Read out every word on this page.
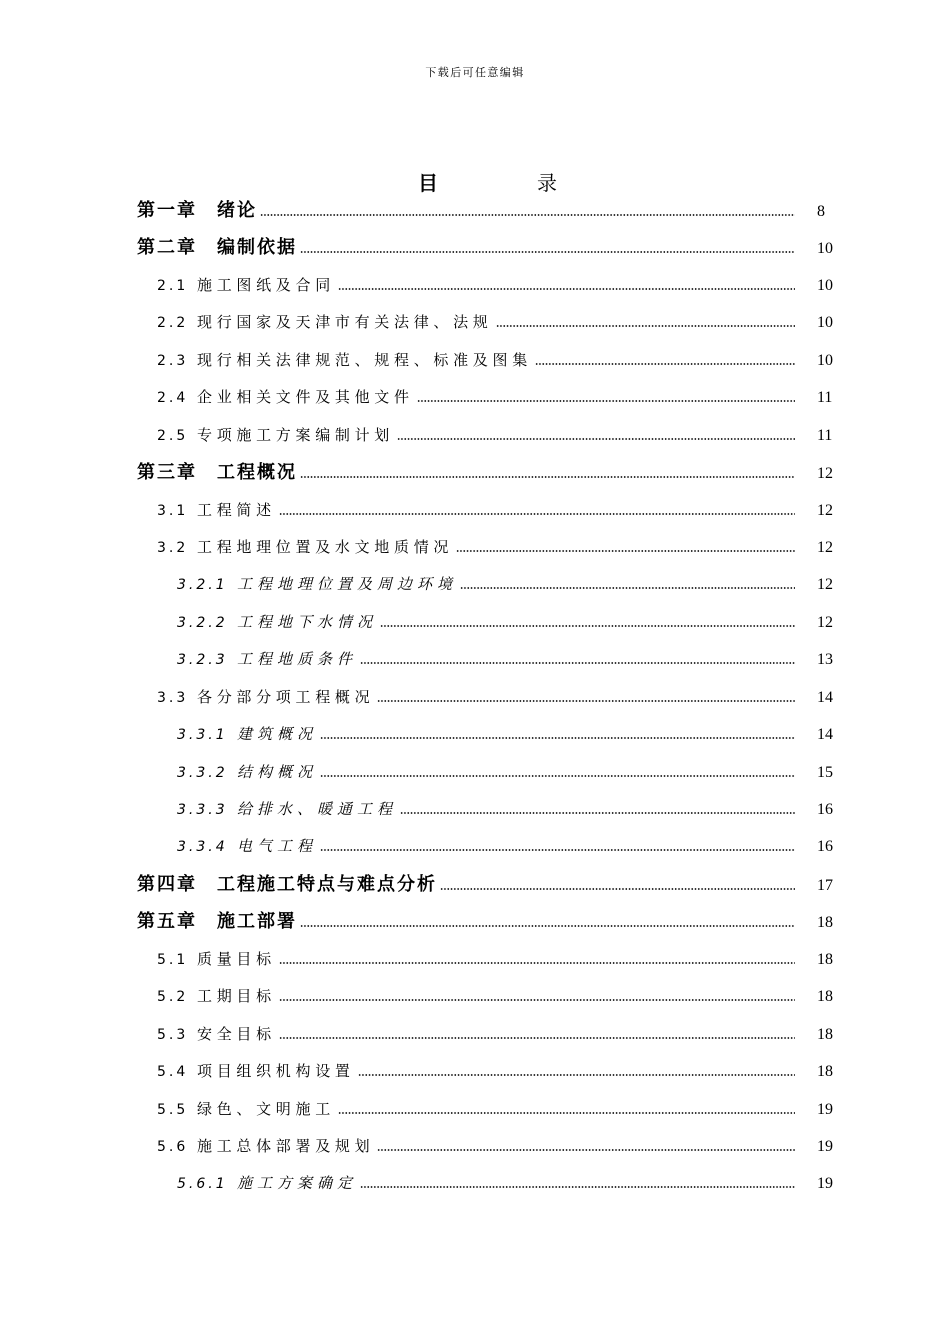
下载后可任意编辑
目	录
第一章	绪论	8
第二章	编制依据	10
2.1 施工图纸及合同	10
2.2 现行国家及天津市有关法律、法规	10
2.3 现行相关法律规范、规程、标准及图集	10
2.4 企业相关文件及其他文件	11
2.5 专项施工方案编制计划	11
第三章	工程概况	12
3.1 工程简述	12
3.2 工程地理位置及水文地质情况	12
3.2.1 工程地理位置及周边环境	12
3.2.2 工程地下水情况	12
3.2.3 工程地质条件	13
3.3 各分部分项工程概况	14
3.3.1 建筑概况	14
3.3.2 结构概况	15
3.3.3 给排水、暖通工程	16
3.3.4 电气工程	16
第四章	工程施工特点与难点分析	17
第五章	施工部署	18
5.1 质量目标	18
5.2 工期目标	18
5.3 安全目标	18
5.4 项目组织机构设置	18
5.5 绿色、文明施工	19
5.6 施工总体部署及规划	19
5.6.1 施工方案确定	19
